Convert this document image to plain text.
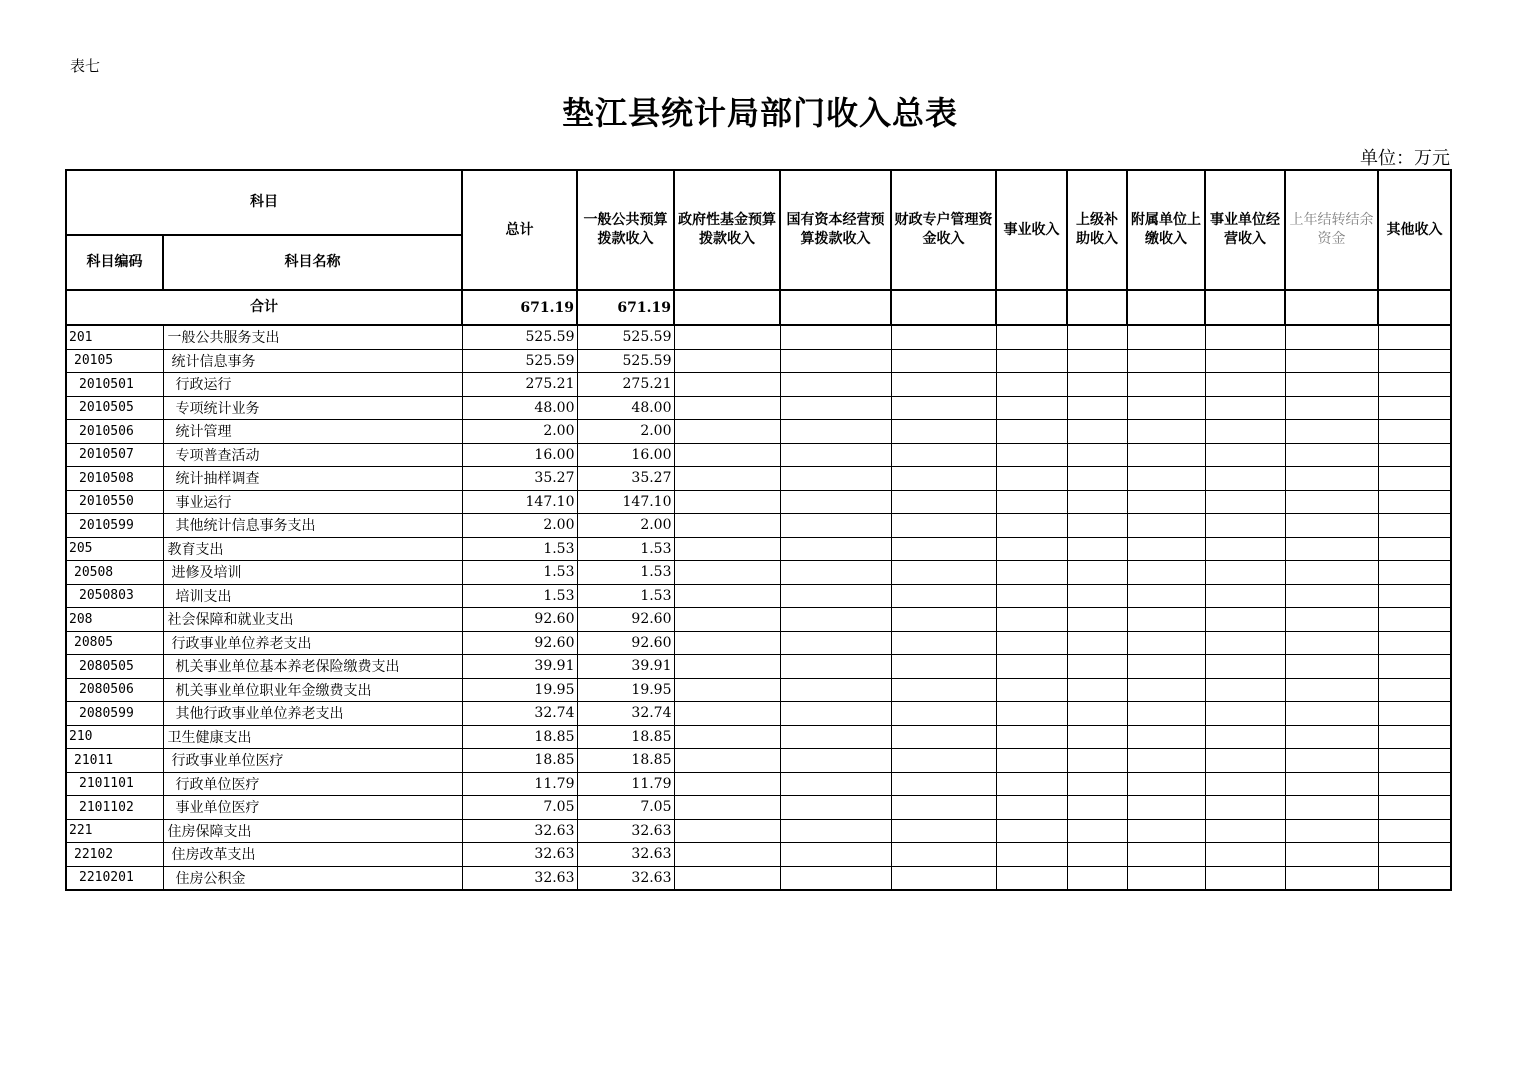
表七
垫江县统计局部门收入总表
单位：万元
科目		总计	一般公共预算拨款收入	政府性基金预算拨款收入	国有资本经营预算拨款收入	财政专户管理资金收入	事业收入	上级补助收入	附属单位上缴收入	事业单位经营收入	上年结转结余资金	其他收入
科目编码	科目名称											
合计		671.19	671.19									
201	一般公共服务支出	525.59	525.59									
20105	统计信息事务	525.59	525.59									
2010501	行政运行	275.21	275.21									
2010505	专项统计业务	48.00	48.00									
2010506	统计管理	2.00	2.00									
2010507	专项普查活动	16.00	16.00									
2010508	统计抽样调查	35.27	35.27									
2010550	事业运行	147.10	147.10									
2010599	其他统计信息事务支出	2.00	2.00									
205	教育支出	1.53	1.53									
20508	进修及培训	1.53	1.53									
2050803	培训支出	1.53	1.53									
208	社会保障和就业支出	92.60	92.60									
20805	行政事业单位养老支出	92.60	92.60									
2080505	机关事业单位基本养老保险缴费支出	39.91	39.91									
2080506	机关事业单位职业年金缴费支出	19.95	19.95									
2080599	其他行政事业单位养老支出	32.74	32.74									
210	卫生健康支出	18.85	18.85									
21011	行政事业单位医疗	18.85	18.85									
2101101	行政单位医疗	11.79	11.79									
2101102	事业单位医疗	7.05	7.05									
221	住房保障支出	32.63	32.63									
22102	住房改革支出	32.63	32.63									
2210201	住房公积金	32.63	32.63									
